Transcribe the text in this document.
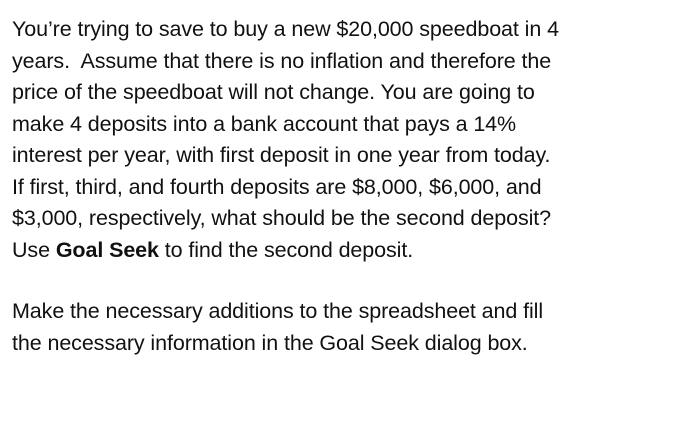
You’re trying to save to buy a new $20,000 speedboat in 4
years.  Assume that there is no inflation and therefore the
price of the speedboat will not change. You are going to
make 4 deposits into a bank account that pays a 14%
interest per year, with first deposit in one year from today.
If first, third, and fourth deposits are $8,000, $6,000, and
$3,000, respectively, what should be the second deposit?
Use Goal Seek to find the second deposit.
Make the necessary additions to the spreadsheet and fill
the necessary information in the Goal Seek dialog box.
